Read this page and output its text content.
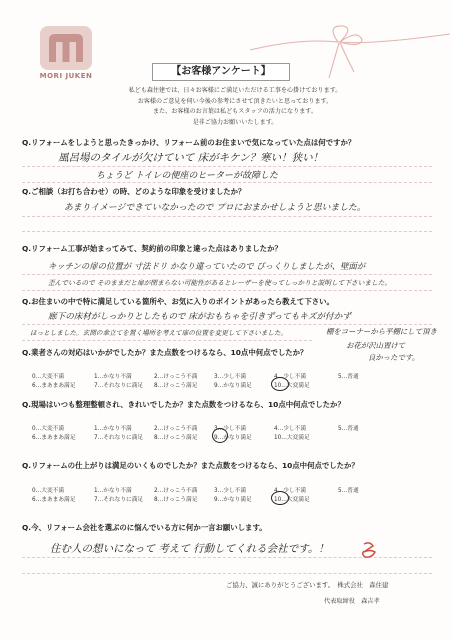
MORI JUKEN	【お客様アンケート】
私ども森住建では、日々お客様にご満足いただける工事を心掛けております。
お客様のご意見を伺い今後の参考にさせて頂きたいと思っております。
また、お客様のお言葉は私どもスタッフの活力になります。
是非ご協力お願いいたします。
Q.リフォームをしようと思ったきっかけ、リフォーム前のお住まいで気になっていた点は何ですか？
風呂場のタイルが欠けていて 床がキケン？寒い！狭い！
ちょうど トイレの便座のヒーターが故障した
Q.ご相談（お打ち合わせ）の時、どのような印象を受けましたか？
あまりイメージできていなかったので プロにおまかせしようと思いました。
Q.リフォーム工事が始まってみて、契約前の印象と違った点はありましたか？
キッチンの扉の位置が 寸法ドリ かなり違っていたので びっくりしましたが、壁面が
歪んでいるので そのままだと扉が閉まらない可能性があるとレーザーを使ってしっかりと説明して下さいました。
Q.お住まいの中で特に満足している箇所や、お気に入りのポイントがあったら教えて下さい。
廊下の床材がしっかりとしたもので 床がおもちゃを引きずってもキズが付かず
ほっとしました。玄関の傘立てを置く場所を考えて扉の位置を変更して下さいました。	棚をコーナーから平棚にして頂き
お花が沢山置けて
良かったです。
Q.業者さんの対応はいかがでしたか？また点数をつけるなら、10点中何点でしたか？
0…大変不満	1…かなり不満	2…けっこう不満	3…少し不満	4…少し不満	5…普通
6…まあまあ満足	7…それなりに満足 8…けっこう満足	9…かなり満足	10…大変満足
Q.現場はいつも整理整頓され、きれいでしたか？また点数をつけるなら、10点中何点でしたか？
0…大変不満	1…かなり不満	2…けっこう不満	3…少し不満	4…少し不満	5…普通
6…まあまあ満足	7…それなりに満足 8…けっこう満足	9…かなり満足	10…大変満足
Q.リフォームの仕上がりは満足のいくものでしたか？また点数をつけるなら、10点中何点でしたか？
0…大変不満	1…かなり不満	2…けっこう不満	3…少し不満	4…少し不満	5…普通
6…まあまあ満足	7…それなりに満足 8…けっこう満足	9…かなり満足	10…大変満足
Q.今、リフォーム会社を選ぶのに悩んでいる方に何か一言お願いします。
住む人の想いになって 考えて 行動してくれる会社です。！
ご協力、誠にありがとうございます。　株式会社　森住建
代表取締役　森吉孝
